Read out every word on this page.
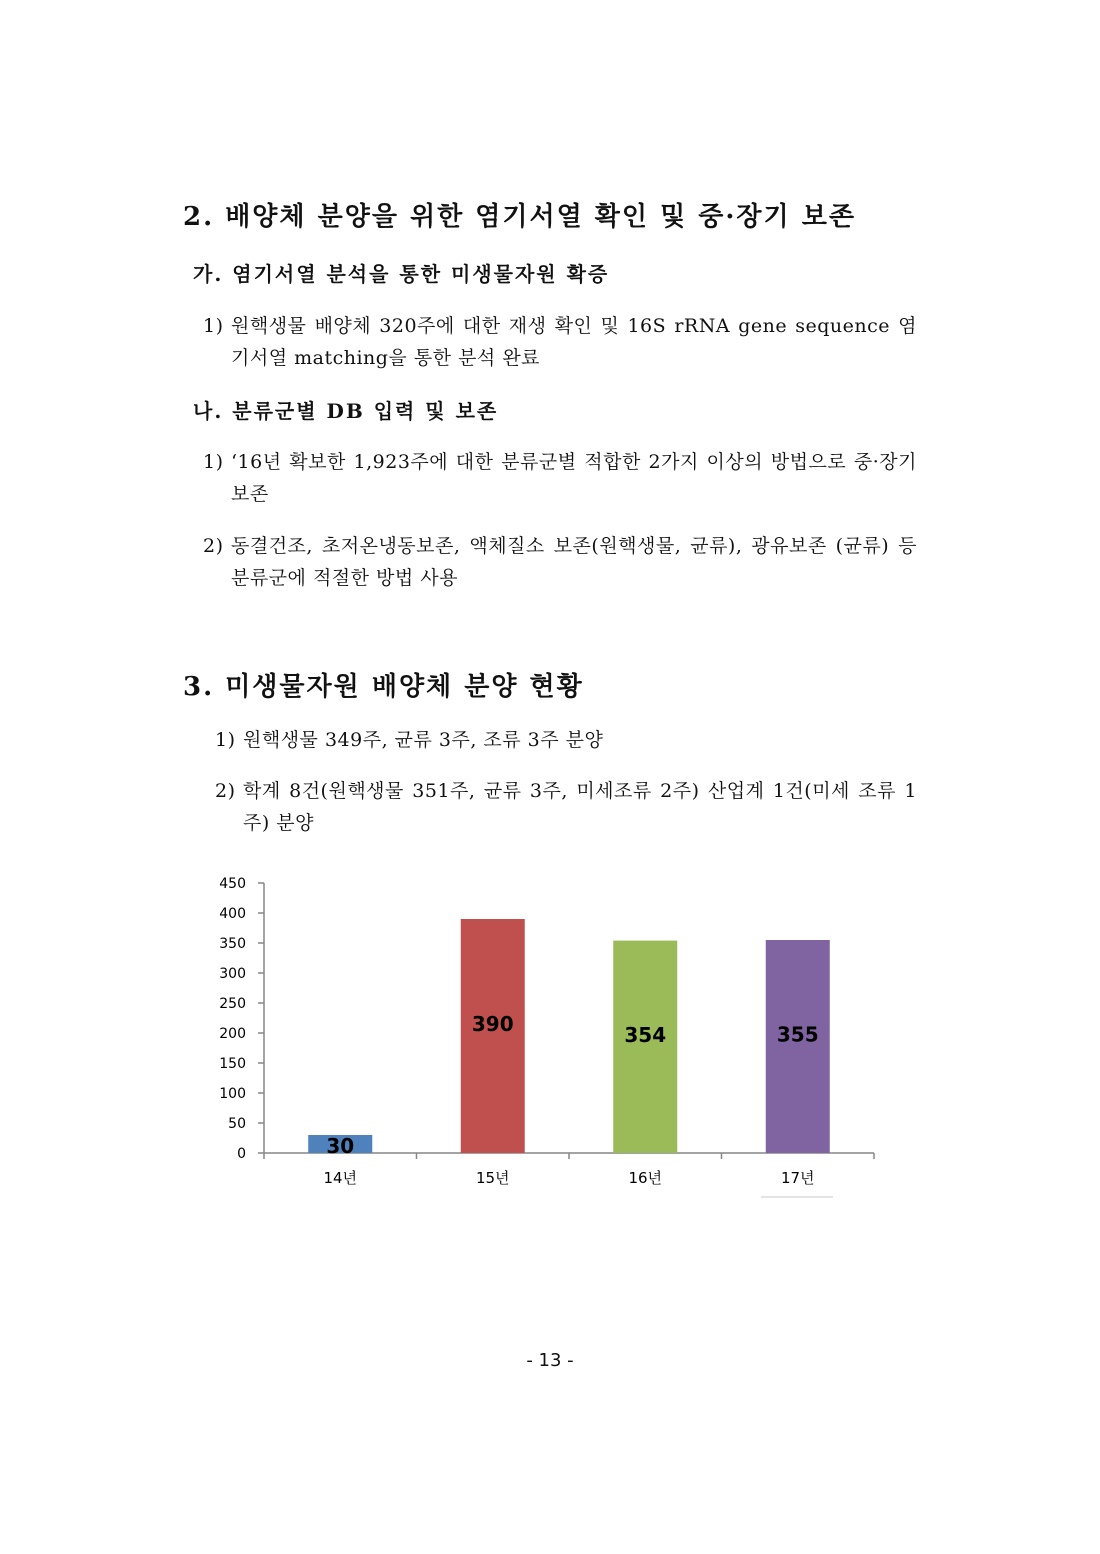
2. 배양체 분양을 위한 염기서열 확인 및 중·장기 보존
가. 염기서열 분석을 통한 미생물자원 확증
1) 원핵생물 배양체 320주에 대한 재생 확인 및 16S rRNA gene sequence 염기서열 matching을 통한 분석 완료
나. 분류군별 DB 입력 및 보존
1) ‘16년 확보한 1,923주에 대한 분류군별 적합한 2가지 이상의 방법으로 중·장기 보존
2) 동결건조, 초저온냉동보존, 액체질소 보존(원핵생물, 균류), 광유보존 (균류) 등 분류군에 적절한 방법 사용
3. 미생물자원 배양체 분양 현황
1) 원핵생물 349주, 균류 3주, 조류 3주 분양
2) 학계 8건(원핵생물 351주, 균류 3주, 미세조류 2주) 산업계 1건(미세 조류 1주) 분양
0
50
100
150
200
250
300
350
400
450
14년	15년	16년	17년
30
390	354	355
- 13 -
